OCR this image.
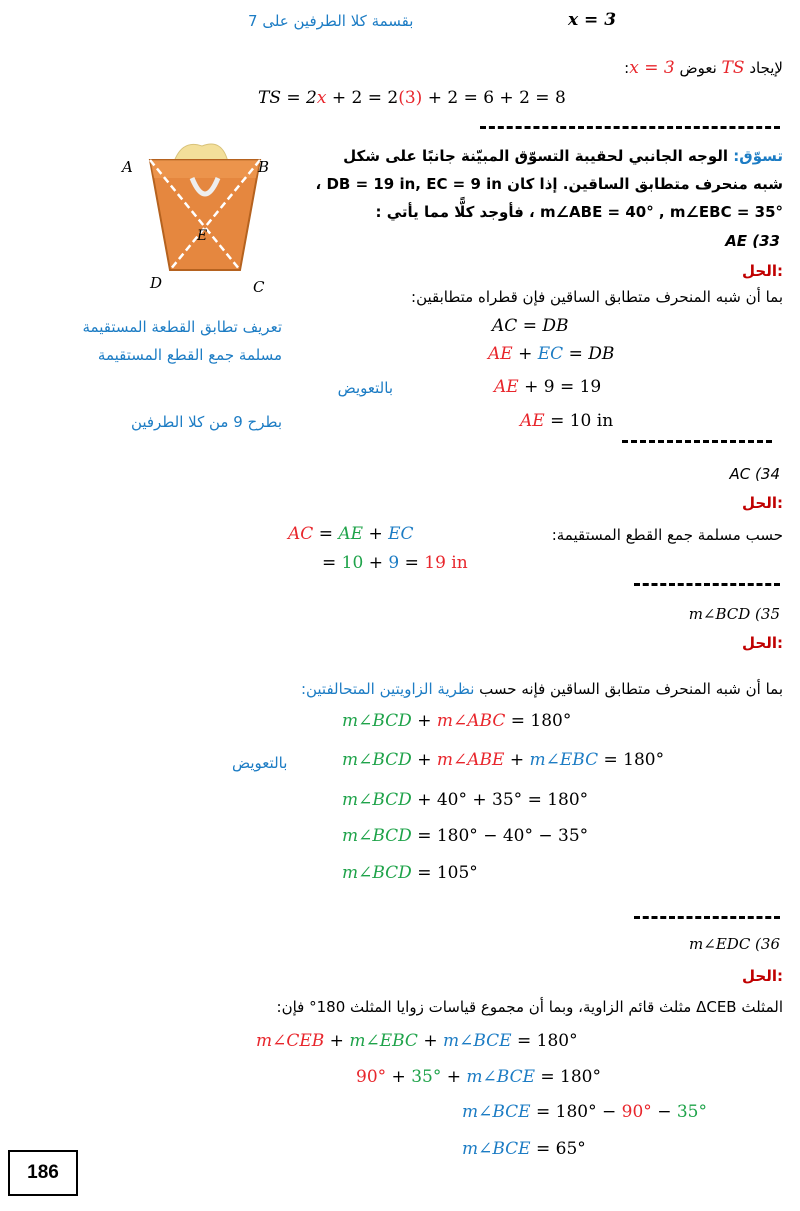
بقسمة كلا الطرفين على 7	x = 3
لإيجاد TS نعوض x = 3:
TS = 2x + 2 = 2(3) + 2 = 6 + 2 = 8
A	B
E
D	C
تسوّق: الوجه الجانبي لحقيبة التسوّق المبيّنة جانبًا على شكل
شبه منحرف متطابق الساقين. إذا كان DB = 19 in, EC = 9 in ،
m∠ABE = 40° , m∠EBC = 35° ، فأوجد كلًّا مما يأتي :
AE (33
الحل:
بما أن شبه المنحرف متطابق الساقين فإن قطراه متطابقين:
تعريف تطابق القطعة المستقيمة	AC = DB
مسلمة جمع القطع المستقيمة	AE + EC = DB
بالتعويض	AE + 9 = 19
بطرح 9 من كلا الطرفين	AE = 10 in
AC (34
الحل:
حسب مسلمة جمع القطع المستقيمة:
AC = AE + EC
= 10 + 9 = 19 in
m∠BCD (35
الحل:
بما أن شبه المنحرف متطابق الساقين فإنه حسب نظرية الزاويتين المتحالفتين:
m∠BCD + m∠ABC = 180°
بالتعويض	m∠BCD + m∠ABE + m∠EBC = 180°
m∠BCD + 40° + 35° = 180°
m∠BCD = 180° − 40° − 35°
m∠BCD = 105°
m∠EDC (36
الحل:
المثلث ΔCEB مثلث قائم الزاوية، وبما أن مجموع قياسات زوايا المثلث 180° فإن:
m∠CEB + m∠EBC + m∠BCE = 180°
90° + 35° + m∠BCE = 180°
m∠BCE = 180° − 90° − 35°
m∠BCE = 65°
186
